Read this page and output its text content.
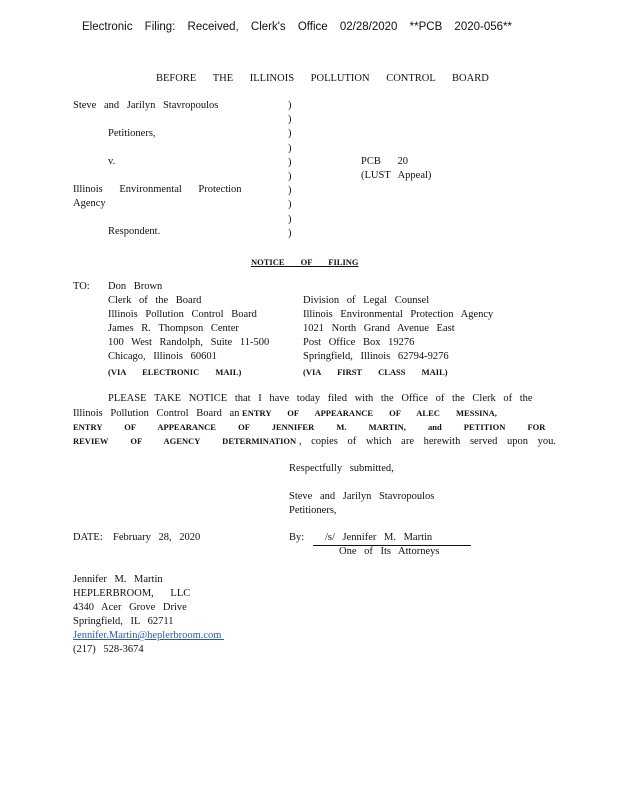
Electronic Filing: Received, Clerk's Office 02/28/2020 **PCB 2020-056**
BEFORE THE ILLINOIS POLLUTION CONTROL BOARD
Steve and Jarilyn Stavropoulos
Petitioners,
v.
Illinois Environmental Protection
Agency
Respondent.
)
)
)
)
)
)
)
)
)
)
PCB 20
(LUST Appeal)
NOTICE OF FILING
TO: Don Brown
Clerk of the Board
Illinois Pollution Control Board
James R. Thompson Center
100 West Randolph, Suite 11-500
Chicago, Illinois 60601
(VIA ELECTRONIC MAIL)
Division of Legal Counsel
Illinois Environmental Protection Agency
1021 North Grand Avenue East
Post Office Box 19276
Springfield, Illinois 62794-9276
(VIA FIRST CLASS MAIL)
PLEASE TAKE NOTICE that I have today filed with the Office of the Clerk of the
Illinois Pollution Control Board an ENTRY OF APPEARANCE OF ALEC MESSINA,
ENTRY OF APPEARANCE OF JENNIFER M. MARTIN, and PETITION FOR
REVIEW OF AGENCY DETERMINATION , copies of which are herewith served upon you.
Respectfully submitted,
Steve and Jarilyn Stavropoulos
Petitioners,
DATE: February 28, 2020	By: /s/ Jennifer M. Martin
One of Its Attorneys
Jennifer M. Martin
HEPLERBROOM, LLC
4340 Acer Grove Drive
Springfield, IL 62711
Jennifer.Martin@heplerbroom.com
(217) 528-3674
